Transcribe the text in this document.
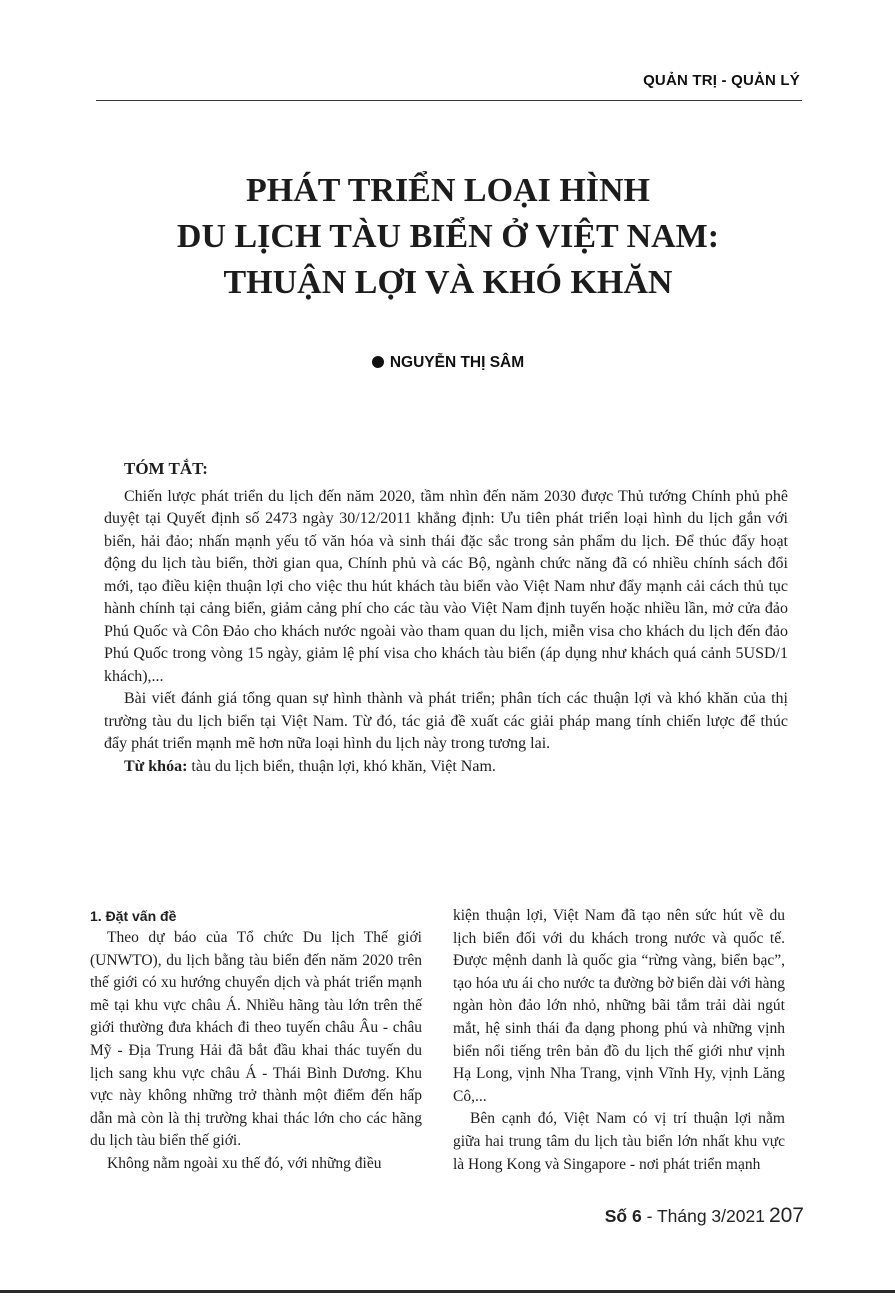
QUẢN TRỊ - QUẢN LÝ
PHÁT TRIỂN LOẠI HÌNH
DU LỊCH TÀU BIỂN Ở VIỆT NAM:
THUẬN LỢI VÀ KHÓ KHĂN
NGUYỄN THỊ SÂM
TÓM TẮT:

Chiến lược phát triển du lịch đến năm 2020, tầm nhìn đến năm 2030 được Thủ tướng Chính phủ phê duyệt tại Quyết định số 2473 ngày 30/12/2011 khẳng định: Ưu tiên phát triển loại hình du lịch gắn với biển, hải đảo; nhấn mạnh yếu tố văn hóa và sinh thái đặc sắc trong sản phẩm du lịch. Để thúc đẩy hoạt động du lịch tàu biển, thời gian qua, Chính phủ và các Bộ, ngành chức năng đã có nhiều chính sách đổi mới, tạo điều kiện thuận lợi cho việc thu hút khách tàu biển vào Việt Nam như đẩy mạnh cải cách thủ tục hành chính tại cảng biển, giảm cảng phí cho các tàu vào Việt Nam định tuyến hoặc nhiều lần, mở cửa đảo Phú Quốc và Côn Đảo cho khách nước ngoài vào tham quan du lịch, miễn visa cho khách du lịch đến đảo Phú Quốc trong vòng 15 ngày, giảm lệ phí visa cho khách tàu biển (áp dụng như khách quá cảnh 5USD/1 khách),...

Bài viết đánh giá tổng quan sự hình thành và phát triển; phân tích các thuận lợi và khó khăn của thị trường tàu du lịch biển tại Việt Nam. Từ đó, tác giả đề xuất các giải pháp mang tính chiến lược để thúc đẩy phát triển mạnh mẽ hơn nữa loại hình du lịch này trong tương lai.

Từ khóa: tàu du lịch biển, thuận lợi, khó khăn, Việt Nam.

1. Đặt vấn đề

Theo dự báo của Tổ chức Du lịch Thế giới (UNWTO), du lịch bằng tàu biển đến năm 2020 trên thế giới có xu hướng chuyển dịch và phát triển mạnh mẽ tại khu vực châu Á. Nhiều hãng tàu lớn trên thế giới thường đưa khách đi theo tuyến châu Âu - châu Mỹ - Địa Trung Hải đã bắt đầu khai thác tuyến du lịch sang khu vực châu Á - Thái Bình Dương. Khu vực này không những trở thành một điểm đến hấp dẫn mà còn là thị trường khai thác lớn cho các hãng du lịch tàu biển thế giới.

Không nằm ngoài xu thế đó, với những điều

kiện thuận lợi, Việt Nam đã tạo nên sức hút về du lịch biển đối với du khách trong nước và quốc tế. Được mệnh danh là quốc gia “rừng vàng, biển bạc”, tạo hóa ưu ái cho nước ta đường bờ biển dài với hàng ngàn hòn đảo lớn nhỏ, những bãi tắm trải dài ngút mắt, hệ sinh thái đa dạng phong phú và những vịnh biển nổi tiếng trên bản đồ du lịch thế giới như vịnh Hạ Long, vịnh Nha Trang, vịnh Vĩnh Hy, vịnh Lăng Cô,...

Bên cạnh đó, Việt Nam có vị trí thuận lợi nằm giữa hai trung tâm du lịch tàu biển lớn nhất khu vực là Hong Kong và Singapore - nơi phát triển mạnh

Số 6 - Tháng 3/2021 207
